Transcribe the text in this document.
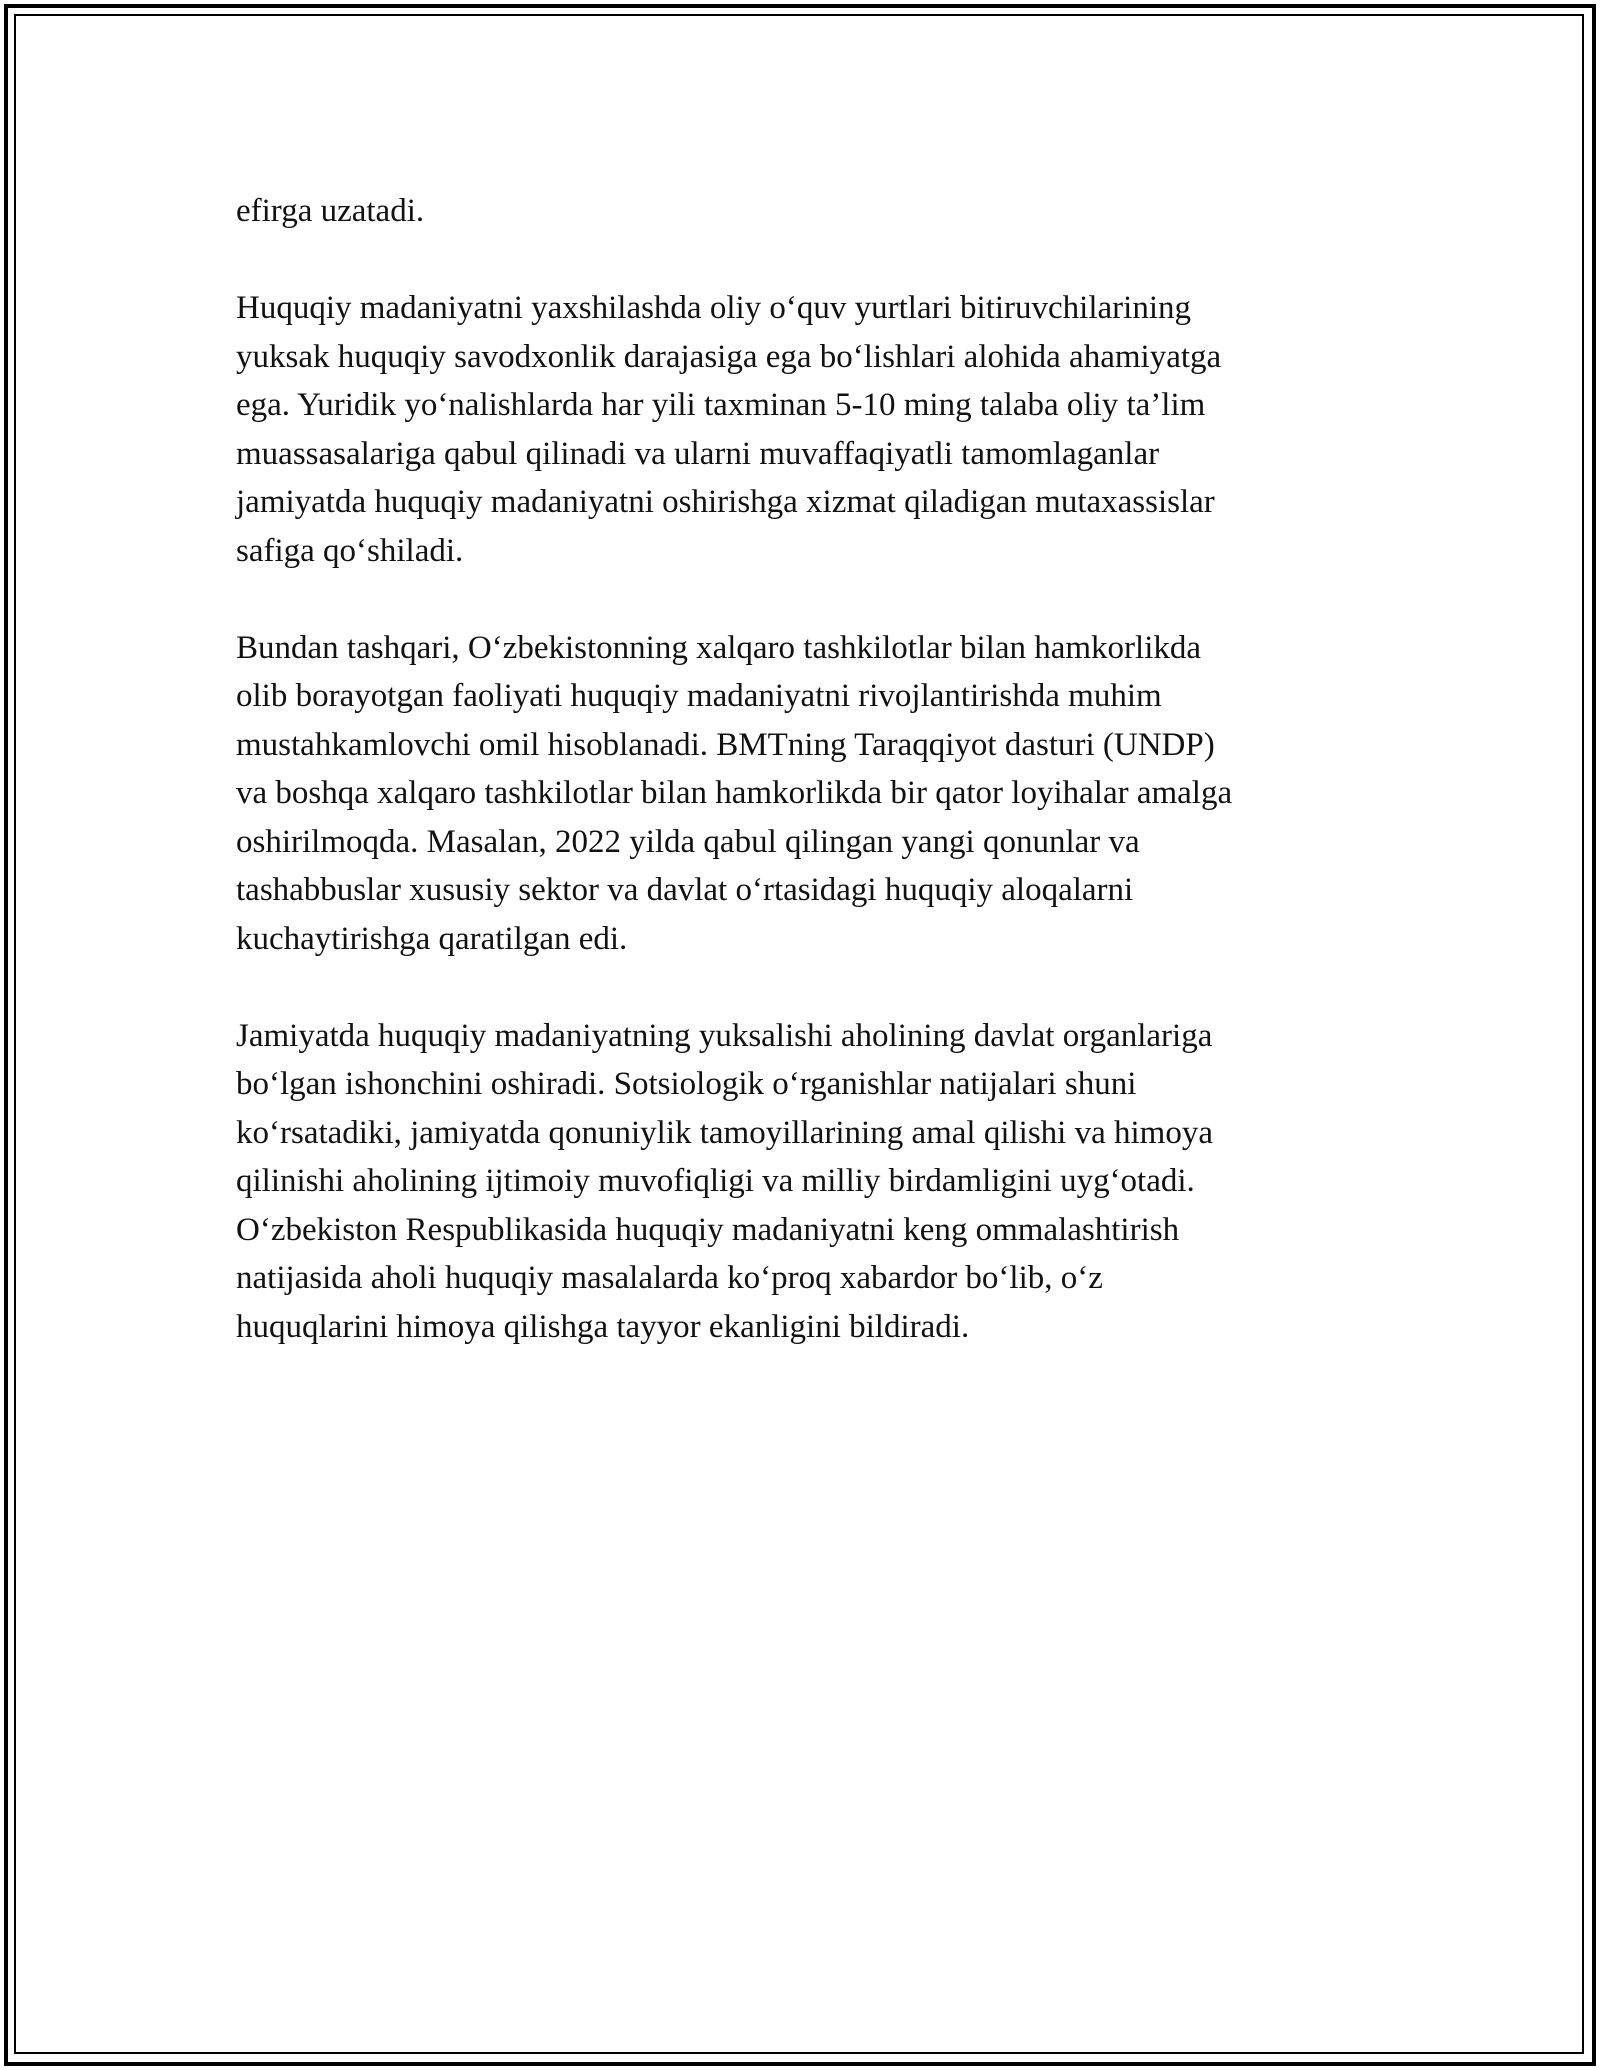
efirga uzatadi.
Huquqiy madaniyatni yaxshilashda oliy o‘quv yurtlari bitiruvchilarining
yuksak huquqiy savodxonlik darajasiga ega bo‘lishlari alohida ahamiyatga
ega. Yuridik yo‘nalishlarda har yili taxminan 5-10 ming talaba oliy ta’lim
muassasalariga qabul qilinadi va ularni muvaffaqiyatli tamomlaganlar
jamiyatda huquqiy madaniyatni oshirishga xizmat qiladigan mutaxassislar
safiga qo‘shiladi.
Bundan tashqari, O‘zbekistonning xalqaro tashkilotlar bilan hamkorlikda
olib borayotgan faoliyati huquqiy madaniyatni rivojlantirishda muhim
mustahkamlovchi omil hisoblanadi. BMTning Taraqqiyot dasturi (UNDP)
va boshqa xalqaro tashkilotlar bilan hamkorlikda bir qator loyihalar amalga
oshirilmoqda. Masalan, 2022 yilda qabul qilingan yangi qonunlar va
tashabbuslar xususiy sektor va davlat o‘rtasidagi huquqiy aloqalarni
kuchaytirishga qaratilgan edi.
Jamiyatda huquqiy madaniyatning yuksalishi aholining davlat organlariga
bo‘lgan ishonchini oshiradi. Sotsiologik o‘rganishlar natijalari shuni
ko‘rsatadiki, jamiyatda qonuniylik tamoyillarining amal qilishi va himoya
qilinishi aholining ijtimoiy muvofiqligi va milliy birdamligini uyg‘otadi.
O‘zbekiston Respublikasida huquqiy madaniyatni keng ommalashtirish
natijasida aholi huquqiy masalalarda ko‘proq xabardor bo‘lib, o‘z
huquqlarini himoya qilishga tayyor ekanligini bildiradi.
